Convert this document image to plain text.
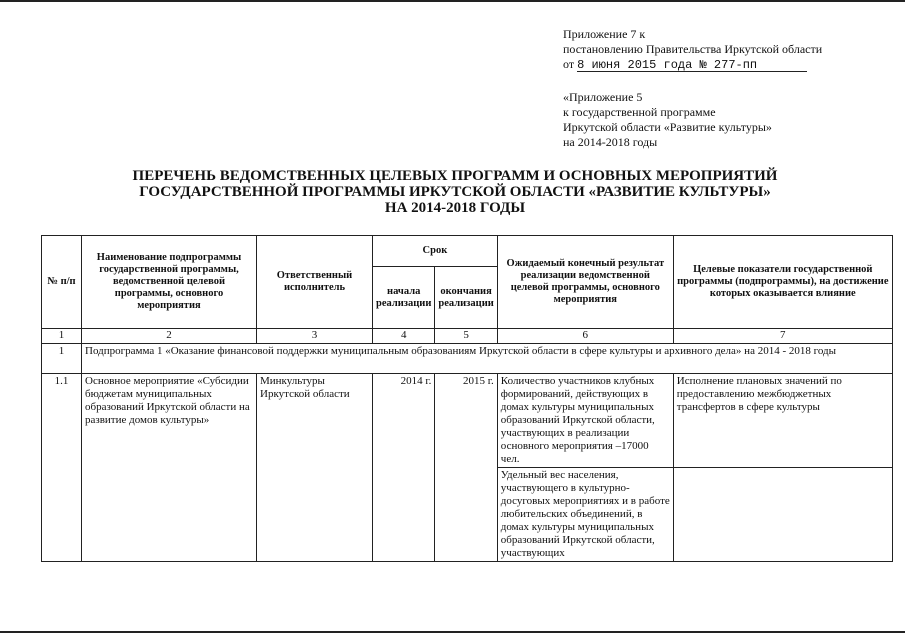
Приложение 7 к
постановлению Правительства Иркутской области
от 8 июня 2015 года № 277-пп
«Приложение 5
к государственной программе
Иркутской области «Развитие культуры»
на 2014-2018 годы
ПЕРЕЧЕНЬ ВЕДОМСТВЕННЫХ ЦЕЛЕВЫХ ПРОГРАММ И ОСНОВНЫХ МЕРОПРИЯТИЙ
ГОСУДАРСТВЕННОЙ ПРОГРАММЫ ИРКУТСКОЙ ОБЛАСТИ «РАЗВИТИЕ КУЛЬТУРЫ»
НА 2014-2018 ГОДЫ
№ п/п	Наименование подпрограммы государственной программы, ведомственной целевой программы, основного мероприятия	Ответственный исполнитель	Срок		Ожидаемый конечный результат реализации ведомственной целевой программы, основного мероприятия	Целевые показатели государственной программы (подпрограммы), на достижение которых оказывается влияние
			начала реализации	окончания реализации		
1	2	3	4	5	6	7
1	Подпрограмма 1 «Оказание финансовой поддержки муниципальным образованиям Иркутской области в сфере культуры и архивного дела» на 2014 - 2018 годы					
1.1	Основное мероприятие «Субсидии бюджетам муниципальных образований Иркутской области на развитие домов культуры»	Минкультуры Иркутской области	2014 г.	2015 г.	Количество участников клубных формирований, действующих в домах культуры муниципальных образований Иркутской области, участвующих в реализации основного мероприятия –17000 чел.	Исполнение плановых значений по предоставлению межбюджетных трансфертов в сфере культуры
					Удельный вес населения, участвующего в культурно-досуговых мероприятиях и в работе любительских объединений, в домах культуры муниципальных образований Иркутской области, участвующих	
